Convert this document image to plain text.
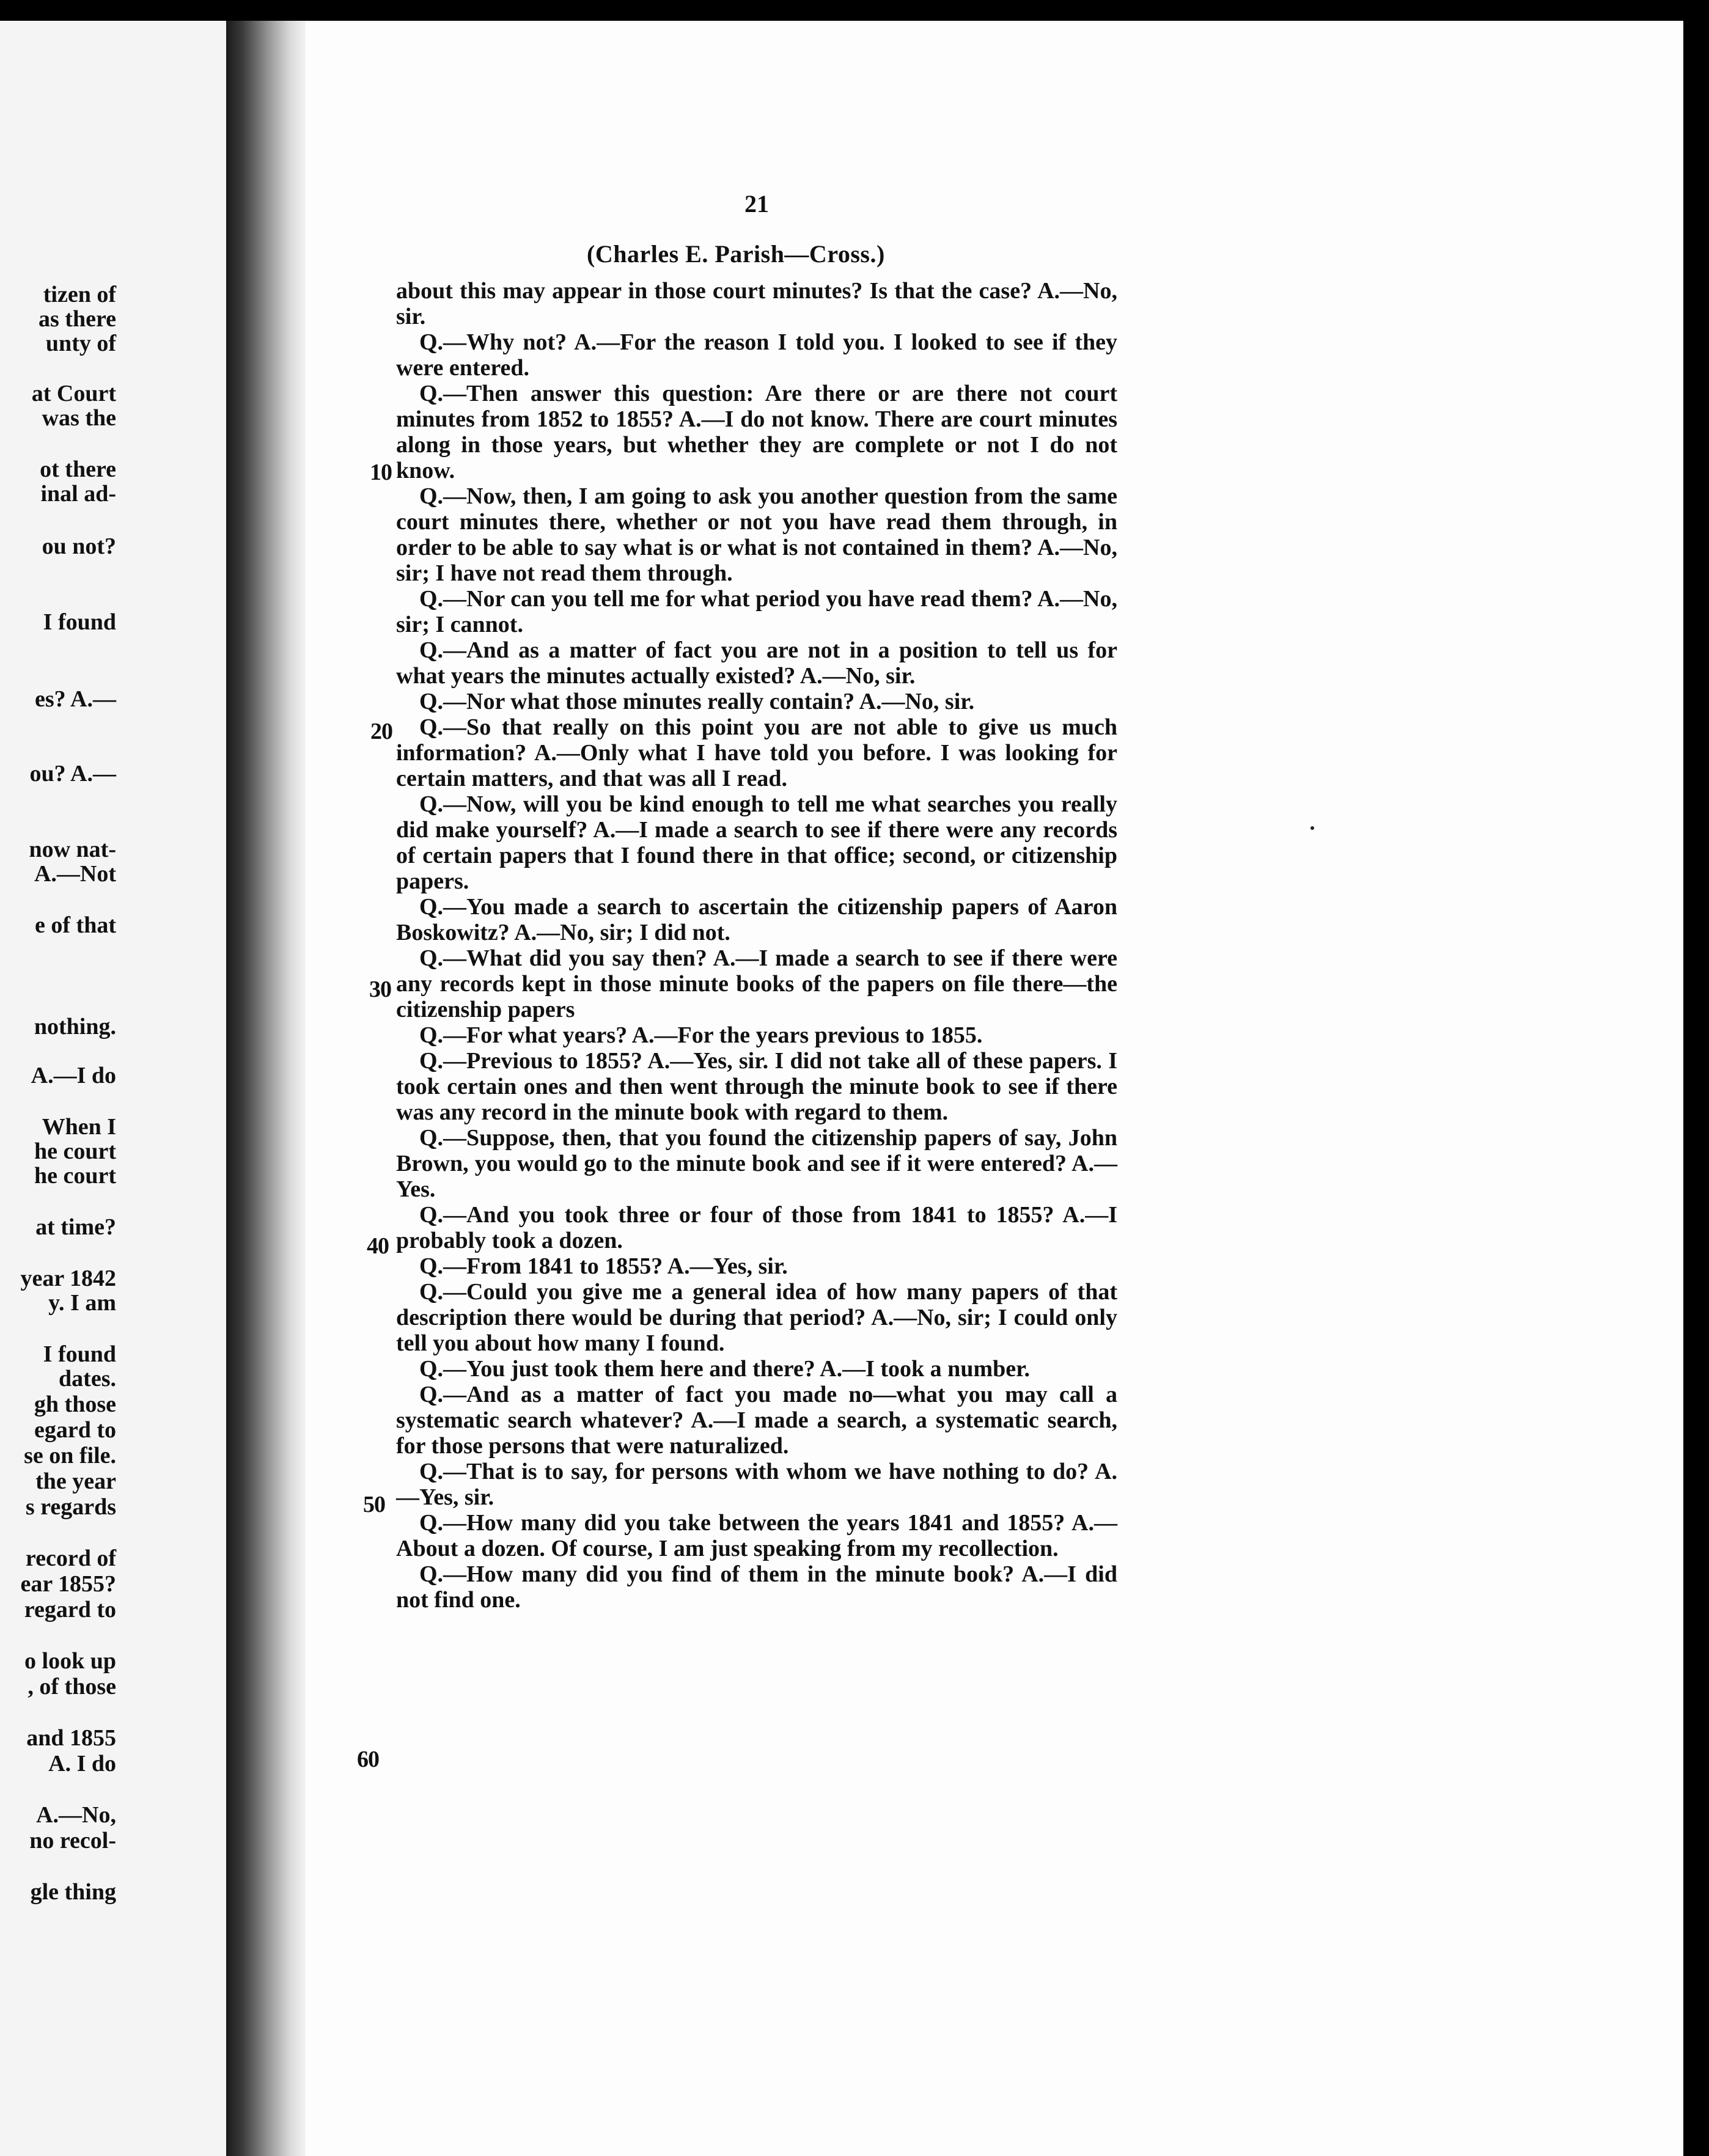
tizen of
as there
unty of
at Court
was the
ot there
inal ad-
ou not?
I found
es? A.—
ou? A.—
now nat-
A.—Not
e of that
nothing.
A.—I do
When I
he court
he court
at time?
year 1842
y. I am
I found
dates.
gh those
egard to
se on file.
the year
s regards
record of
ear 1855?
regard to
o look up
, of those
and 1855
A. I do
A.—No,
no recol-
gle thing
21
(Charles E. Parish—Cross.)
10
20
30
40
50
60

about this may appear in those court minutes? Is that the case? A.—No, sir.

Q.—Why not? A.—For the reason I told you. I looked to see if they were entered.

Q.—Then answer this question: Are there or are there not court minutes from 1852 to 1855? A.—I do not know. There are court minutes along in those years, but whether they are complete or not I do not know.

Q.—Now, then, I am going to ask you another question from the same court minutes there, whether or not you have read them through, in order to be able to say what is or what is not contained in them? A.—No, sir; I have not read them through.

Q.—Nor can you tell me for what period you have read them? A.—No, sir; I cannot.

Q.—And as a matter of fact you are not in a position to tell us for what years the minutes actually existed? A.—No, sir.

Q.—Nor what those minutes really contain? A.—No, sir.

Q.—So that really on this point you are not able to give us much information? A.—Only what I have told you before. I was looking for certain matters, and that was all I read.

Q.—Now, will you be kind enough to tell me what searches you really did make yourself? A.—I made a search to see if there were any records of certain papers that I found there in that office; second, or citizenship papers.

Q.—You made a search to ascertain the citizenship papers of Aaron Boskowitz? A.—No, sir; I did not.

Q.—What did you say then? A.—I made a search to see if there were any records kept in those minute books of the papers on file there—the citizenship papers

Q.—For what years? A.—For the years previous to 1855.

Q.—Previous to 1855? A.—Yes, sir. I did not take all of these papers. I took certain ones and then went through the minute book to see if there was any record in the minute book with regard to them.

Q.—Suppose, then, that you found the citizenship papers of say, John Brown, you would go to the minute book and see if it were entered? A.—Yes.

Q.—And you took three or four of those from 1841 to 1855? A.—I probably took a dozen.

Q.—From 1841 to 1855? A.—Yes, sir.

Q.—Could you give me a general idea of how many papers of that description there would be during that period? A.—No, sir; I could only tell you about how many I found.

Q.—You just took them here and there? A.—I took a number.

Q.—And as a matter of fact you made no—what you may call a systematic search whatever? A.—I made a search, a systematic search, for those persons that were naturalized.

Q.—That is to say, for persons with whom we have nothing to do? A.—Yes, sir.

Q.—How many did you take between the years 1841 and 1855? A.—About a dozen. Of course, I am just speaking from my recollection.

Q.—How many did you find of them in the minute book? A.—I did not find one.
